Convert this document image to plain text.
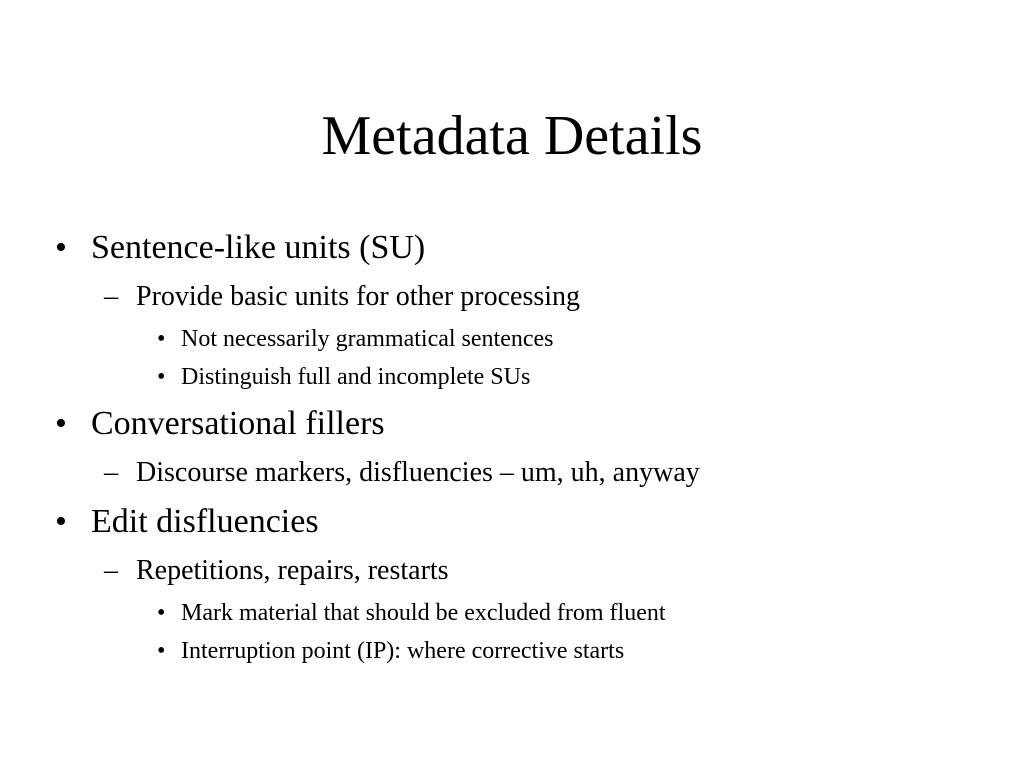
Metadata Details
• Sentence-like units (SU)
– Provide basic units for other processing
• Not necessarily grammatical sentences
• Distinguish full and incomplete SUs
• Conversational fillers
– Discourse markers, disfluencies – um, uh, anyway
• Edit disfluencies
– Repetitions, repairs, restarts
• Mark material that should be excluded from fluent
• Interruption point (IP): where corrective starts
